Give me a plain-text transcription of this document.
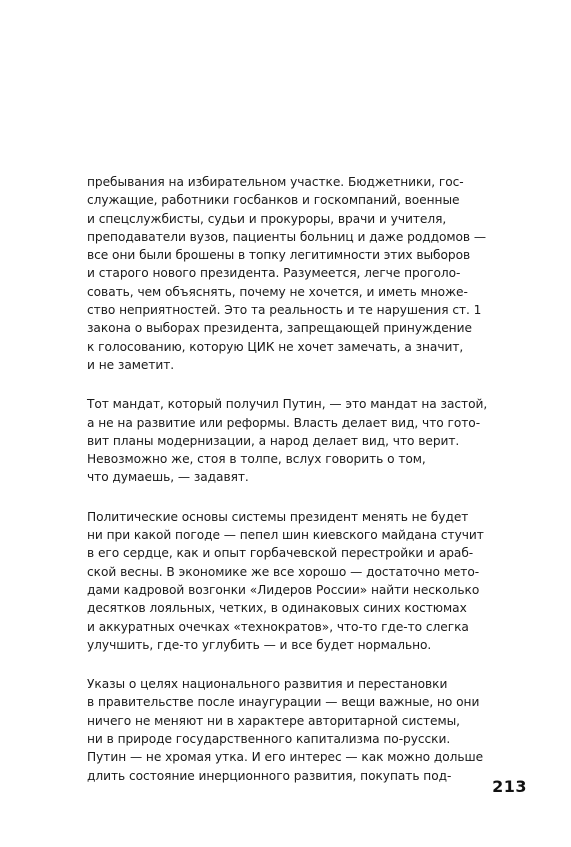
пребывания на избирательном участке. Бюджетники, гос-
служащие, работники госбанков и госкомпаний, военные
и спецслужбисты, судьи и прокуроры, врачи и учителя,
преподаватели вузов, пациенты больниц и даже роддомов —
все они были брошены в топку легитимности этих выборов
и старого нового президента. Разумеется, легче проголо-
совать, чем объяснять, почему не хочется, и иметь множе-
ство неприятностей. Это та реальность и те нарушения ст. 1
закона о выборах президента, запрещающей принуждение
к голосованию, которую ЦИК не хочет замечать, а значит,
и не заметит.

Тот мандат, который получил Путин, — это мандат на застой,
а не на развитие или реформы. Власть делает вид, что гото-
вит планы модернизации, а народ делает вид, что верит.
Невозможно же, стоя в толпе, вслух говорить о том,
что думаешь, — задавят.

Политические основы системы президент менять не будет
ни при какой погоде — пепел шин киевского майдана стучит
в его сердце, как и опыт горбачевской перестройки и араб-
ской весны. В экономике же все хорошо — достаточно мето-
дами кадровой возгонки «Лидеров России» найти несколько
десятков лояльных, четких, в одинаковых синих костюмах
и аккуратных очечках «технократов», что-то где-то слегка
улучшить, где-то углубить — и все будет нормально.

Указы о целях национального развития и перестановки
в правительстве после инаугурации — вещи важные, но они
ничего не меняют ни в характере авторитарной системы,
ни в природе государственного капитализма по-русски.
Путин — не хромая утка. И его интерес — как можно дольше
длить состояние инерционного развития, покупать под-

213
